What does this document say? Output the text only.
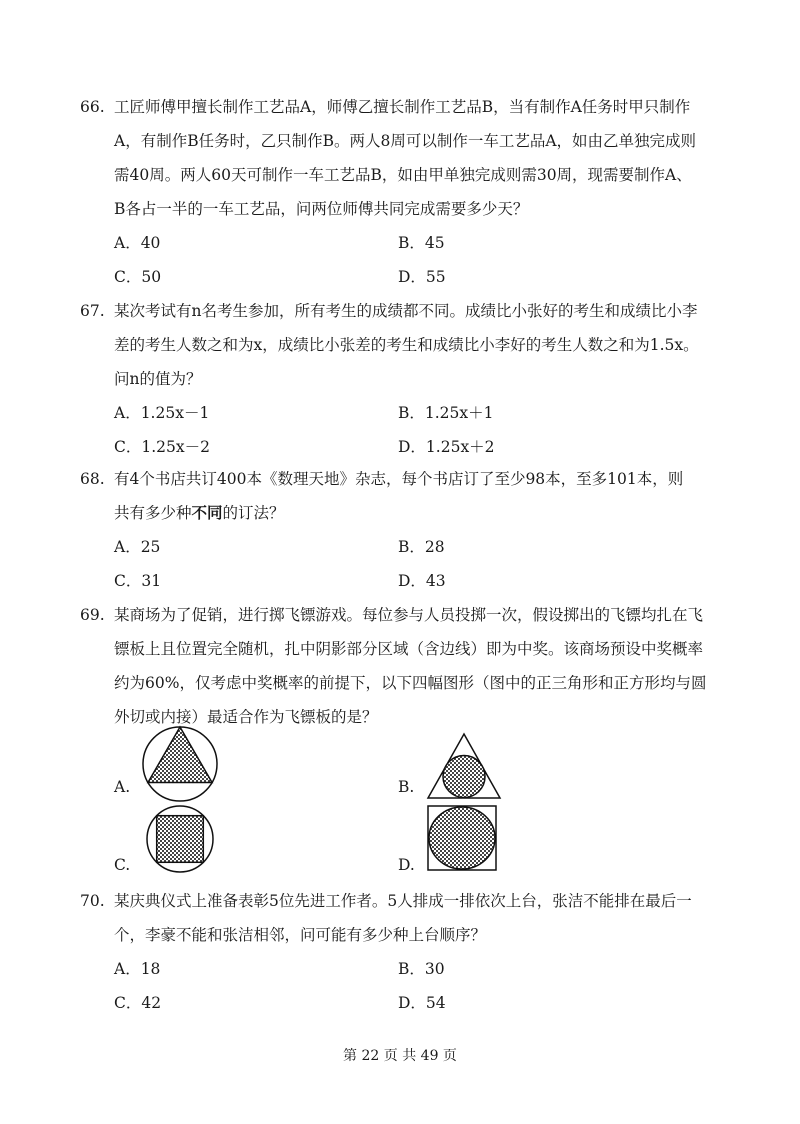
66. 工匠师傅甲擅长制作工艺品A，师傅乙擅长制作工艺品B，当有制作A任务时甲只制作
A，有制作B任务时，乙只制作B。两人8周可以制作一车工艺品A，如由乙单独完成则
需40周。两人60天可制作一车工艺品B，如由甲单独完成则需30周，现需要制作A、
B各占一半的一车工艺品，问两位师傅共同完成需要多少天？
A．40	B．45
C．50	D．55
67. 某次考试有n名考生参加，所有考生的成绩都不同。成绩比小张好的考生和成绩比小李
差的考生人数之和为x，成绩比小张差的考生和成绩比小李好的考生人数之和为1.5x。
问n的值为？
A．1.25x－1	B．1.25x＋1
C．1.25x－2	D．1.25x＋2
68. 有4个书店共订400本《数理天地》杂志，每个书店订了至少98本，至多101本，则
共有多少种不同的订法？
A．25	B．28
C．31	D．43
69. 某商场为了促销，进行掷飞镖游戏。每位参与人员投掷一次，假设掷出的飞镖均扎在飞
镖板上且位置完全随机，扎中阴影部分区域（含边线）即为中奖。该商场预设中奖概率
约为60%，仅考虑中奖概率的前提下，以下四幅图形（图中的正三角形和正方形均与圆
外切或内接）最适合作为飞镖板的是？
A.	B.
C.	D.
70. 某庆典仪式上准备表彰5位先进工作者。5人排成一排依次上台，张洁不能排在最后一
个，李豪不能和张洁相邻，问可能有多少种上台顺序？
A．18	B．30
C．42	D．54
第 22 页 共 49 页
